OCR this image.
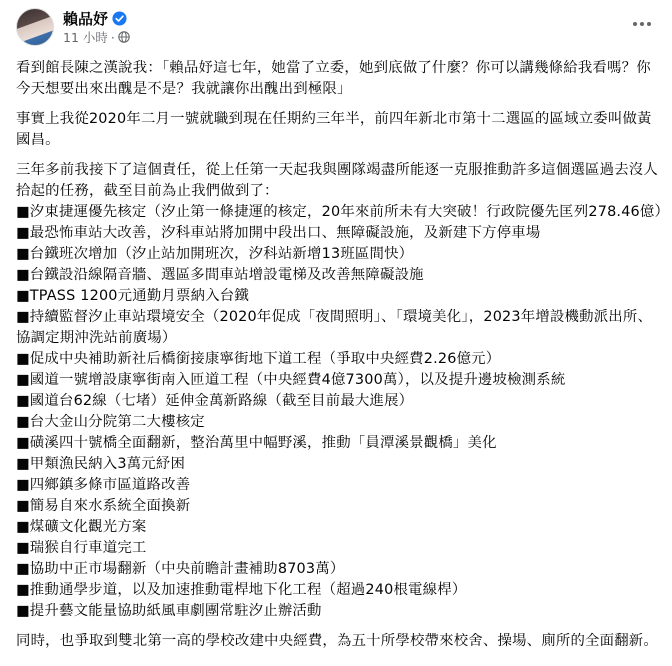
賴品妤
11 小時 ·

看到館長陳之漢說我：「賴品妤這七年，她當了立委，她到底做了什麼？你可以講幾條給我看嗎？你今天想要出來出醜是不是？我就讓你出醜出到極限」

事實上我從2020年二月一號就職到現在任期約三年半，前四年新北市第十二選區的區域立委叫做黃國昌。

三年多前我接下了這個責任，從上任第一天起我與團隊竭盡所能逐一克服推動許多這個選區過去沒人拾起的任務，截至目前為止我們做到了：

■汐東捷運優先核定（汐止第一條捷運的核定，20年來前所未有大突破！行政院優先匡列278.46億）

■最恐怖車站大改善，汐科車站將加開中段出口、無障礙設施，及新建下方停車場

■台鐵班次增加（汐止站加開班次，汐科站新增13班區間快）

■台鐵設沿線隔音牆、選區多間車站增設電梯及改善無障礙設施

■TPASS 1200元通勤月票納入台鐵

■持續監督汐止車站環境安全（2020年促成「夜間照明」、「環境美化」，2023年增設機動派出所、協調定期沖洗站前廣場）

■促成中央補助新社后橋銜接康寧街地下道工程（爭取中央經費2.26億元）

■國道一號增設康寧街南入匝道工程（中央經費4億7300萬），以及提升邊坡檢測系統

■國道台62線（七堵）延伸金萬新路線（截至目前最大進展）

■台大金山分院第二大樓核定

■磺溪四十號橋全面翻新，整治萬里中幅野溪，推動「員潭溪景觀橋」美化

■甲類漁民納入3萬元紓困

■四鄉鎮多條市區道路改善

■簡易自來水系統全面換新

■煤礦文化觀光方案

■瑞猴自行車道完工

■協助中正市場翻新（中央前瞻計畫補助8703萬）

■推動通學步道，以及加速推動電桿地下化工程（超過240根電線桿）

■提升藝文能量協助紙風車劇團常駐汐止辦活動

同時，也爭取到雙北第一高的學校改建中央經費，為五十所學校帶來校舍、操場、廁所的全面翻新。
